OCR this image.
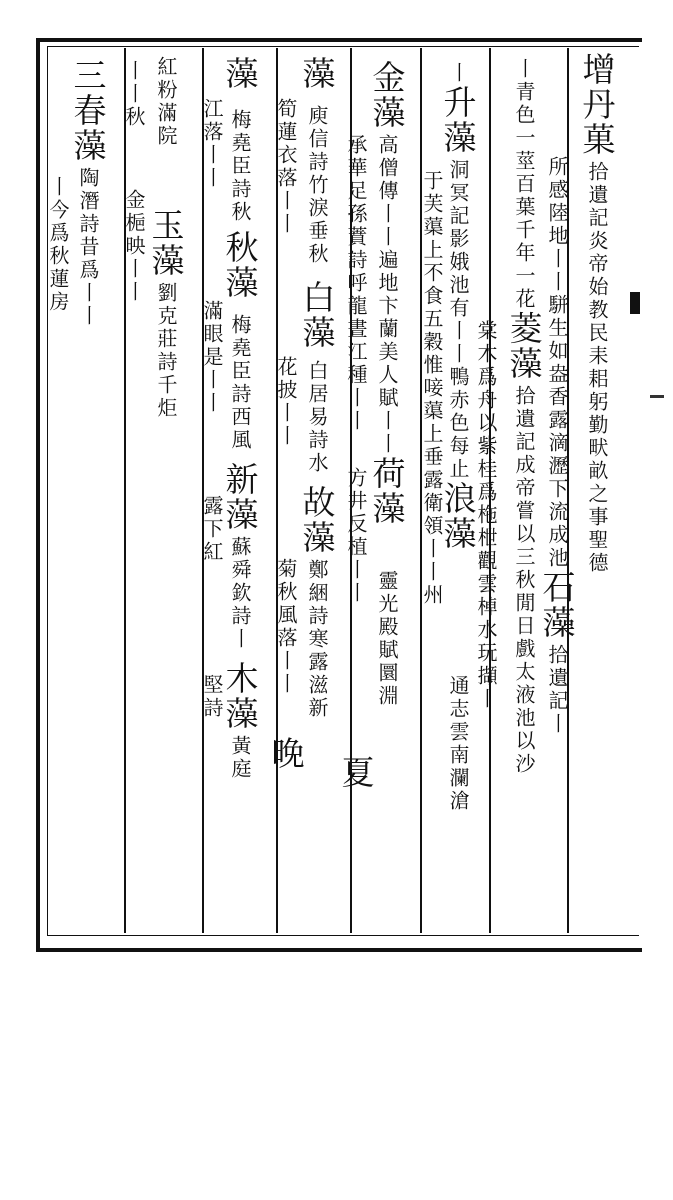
增丹菓
拾遺記炎帝始教民耒耜躬勤畎畝之事聖德
所感陸地丨丨駢生如盎香露滴瀝下流成池
石藻
拾遺記丨
丨青色一莖百葉千年一花
菱藻
拾遺記成帝嘗以三秋閒日戲太液池以沙
棠木爲舟以紫桂爲柂枻觀雲棹水玩擷丨
丨
升藻
洞冥記影娥池有丨丨鴨赤色每止
浪藻
通志雲南瀾滄
于芙蕖上不食五穀惟唼蕖上垂露
衛領丨丨州
金藻
高僧傳丨丨遍地卞蘭美人賦丨丨
荷藻
靈光殿賦圜淵
承華足孫蕡詩呼龍晝江種丨丨
方井反植丨丨
夏
藻
庾信詩竹淚垂秋
白藻
白居易詩水
故藻
鄭綑詩寒露滋新
筍蓮衣落丨丨
花披丨丨
菊秋風落丨丨
晚
藻
梅堯臣詩秋
秋藻
梅堯臣詩西風
新藻
蘇舜欽詩丨
木藻
黃庭
江落丨丨
滿眼是丨丨
露下紅
堅詩
紅粉滿院
玉藻
劉克莊詩千炬
丨丨秋
金梔映丨丨
三春藻
陶潛詩昔爲丨丨
丨今爲秋蓮房
